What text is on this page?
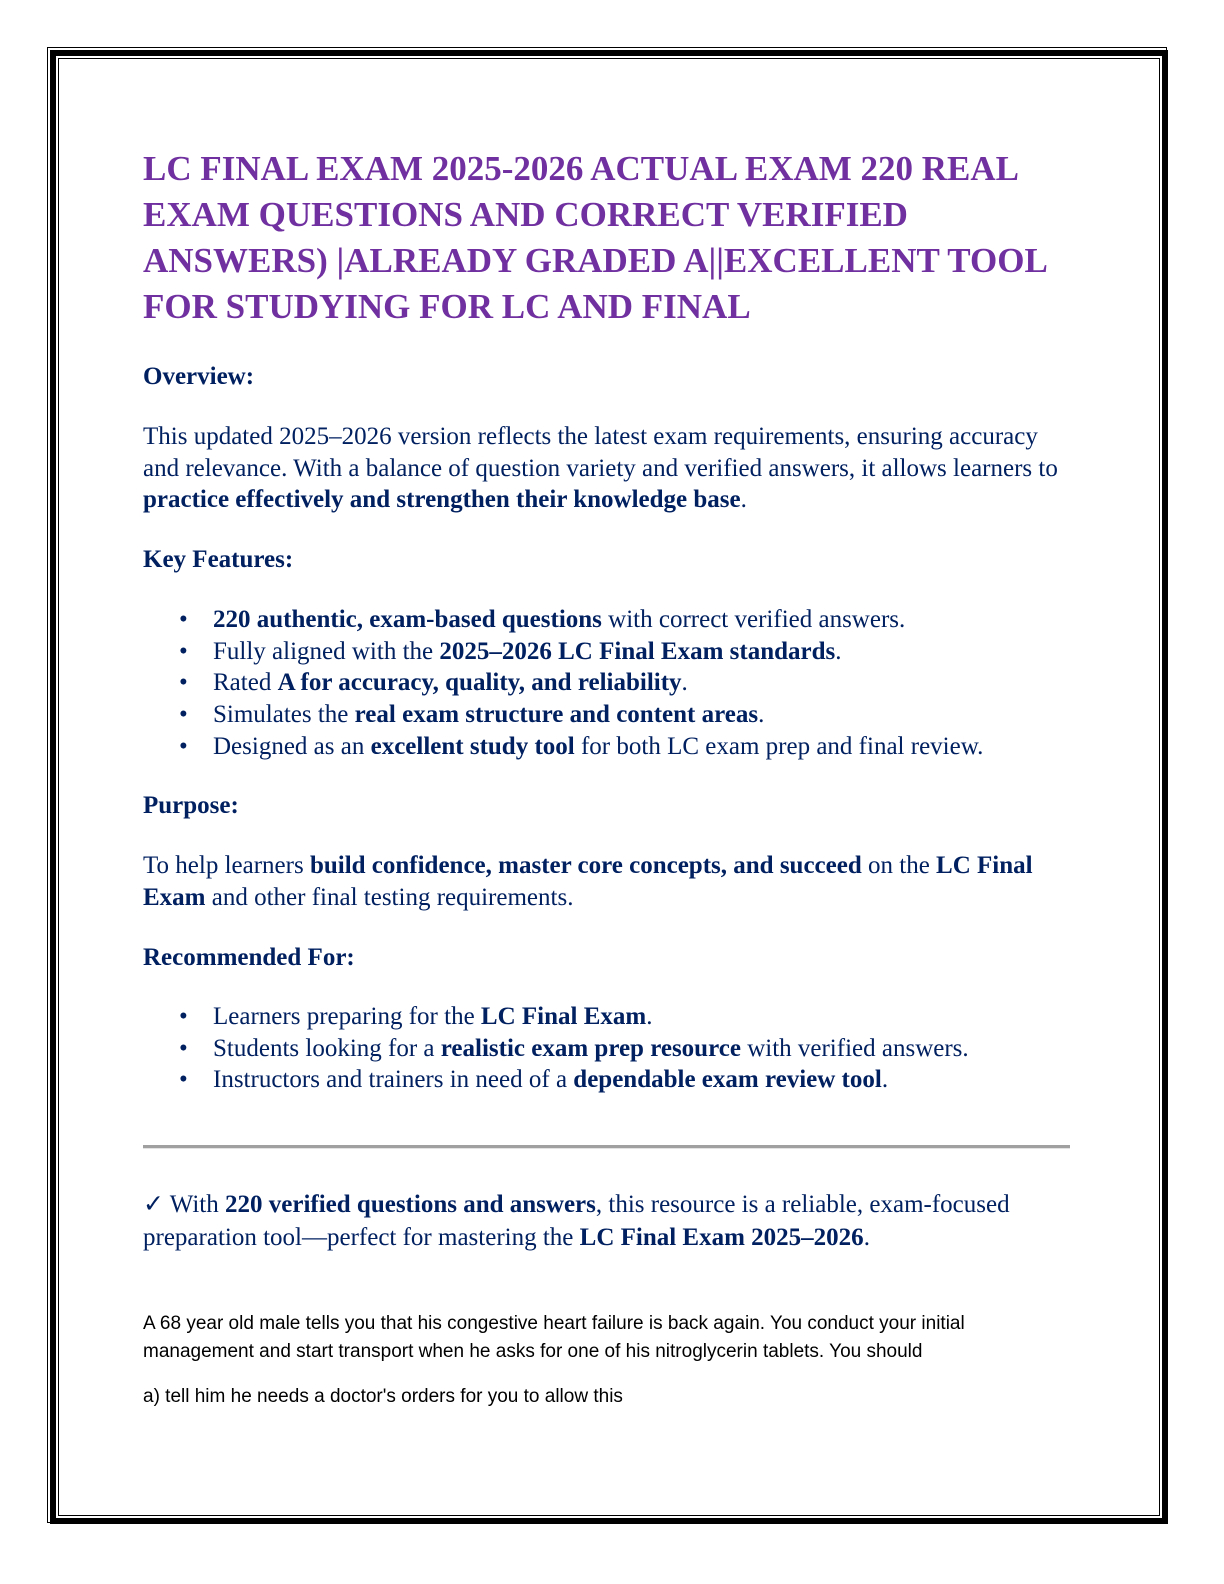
LC FINAL EXAM 2025-2026 ACTUAL EXAM 220 REAL EXAM QUESTIONS AND CORRECT VERIFIED ANSWERS) |ALREADY GRADED A||EXCELLENT TOOL FOR STUDYING FOR LC AND FINAL
Overview:
This updated 2025–2026 version reflects the latest exam requirements, ensuring accuracy and relevance. With a balance of question variety and verified answers, it allows learners to practice effectively and strengthen their knowledge base.
Key Features:
• 220 authentic, exam-based questions with correct verified answers.
• Fully aligned with the 2025–2026 LC Final Exam standards.
• Rated A for accuracy, quality, and reliability.
• Simulates the real exam structure and content areas.
• Designed as an excellent study tool for both LC exam prep and final review.
Purpose:
To help learners build confidence, master core concepts, and succeed on the LC Final Exam and other final testing requirements.
Recommended For:
• Learners preparing for the LC Final Exam.
• Students looking for a realistic exam prep resource with verified answers.
• Instructors and trainers in need of a dependable exam review tool.
✓ With 220 verified questions and answers, this resource is a reliable, exam-focused preparation tool—perfect for mastering the LC Final Exam 2025–2026.
A 68 year old male tells you that his congestive heart failure is back again. You conduct your initial management and start transport when he asks for one of his nitroglycerin tablets. You should
a) tell him he needs a doctor's orders for you to allow this
